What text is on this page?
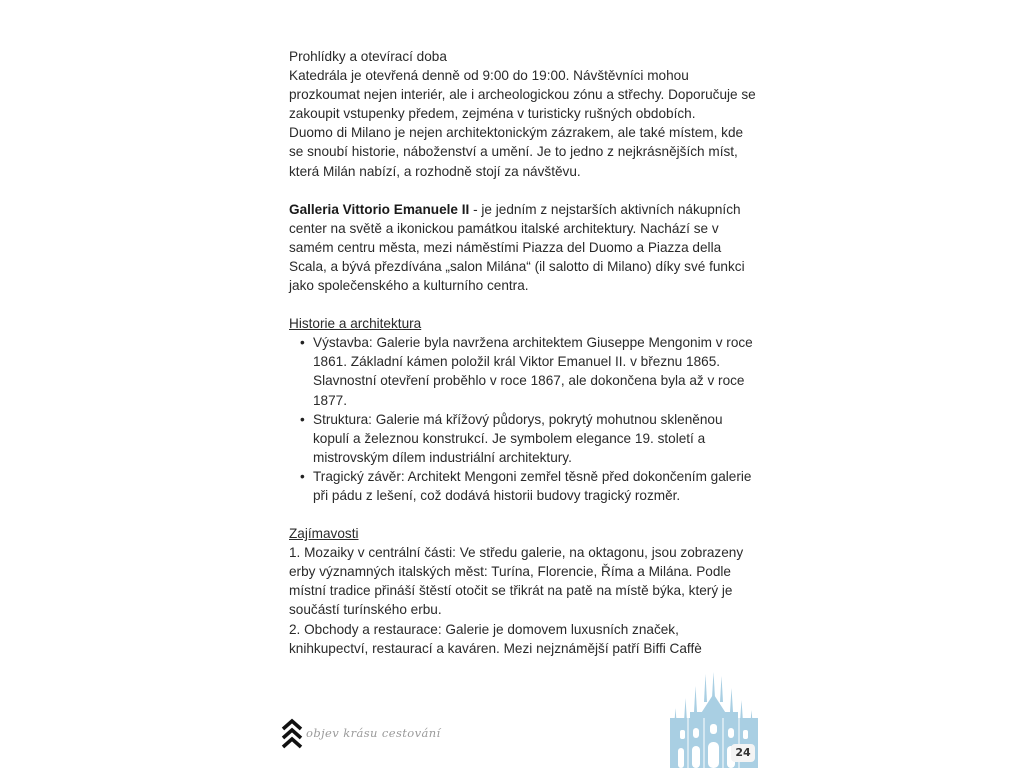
Prohlídky a otevírací doba

Katedrála je otevřená denně od 9:00 do 19:00. Návštěvníci mohou prozkoumat nejen interiér, ale i archeologickou zónu a střechy. Doporučuje se zakoupit vstupenky předem, zejména v turisticky rušných obdobích.

Duomo di Milano je nejen architektonickým zázrakem, ale také místem, kde se snoubí historie, náboženství a umění. Je to jedno z nejkrásnějších míst, která Milán nabízí, a rozhodně stojí za návštěvu.

Galleria Vittorio Emanuele II - je jedním z nejstarších aktivních nákupních center na světě a ikonickou památkou italské architektury. Nachází se v samém centru města, mezi náměstími Piazza del Duomo a Piazza della Scala, a bývá přezdívána „salon Milána“ (il salotto di Milano) díky své funkci jako společenského a kulturního centra.

Historie a architektura

• Výstavba: Galerie byla navržena architektem Giuseppe Mengonim v roce 1861. Základní kámen položil král Viktor Emanuel II. v březnu 1865. Slavnostní otevření proběhlo v roce 1867, ale dokončena byla až v roce 1877.
• Struktura: Galerie má křížový půdorys, pokrytý mohutnou skleněnou kopulí a železnou konstrukcí. Je symbolem elegance 19. století a mistrovským dílem industriální architektury.
• Tragický závěr: Architekt Mengoni zemřel těsně před dokončením galerie při pádu z lešení, což dodává historii budovy tragický rozměr.

Zajímavosti

1. Mozaiky v centrální části: Ve středu galerie, na oktagonu, jsou zobrazeny erby významných italských měst: Turína, Florencie, Říma a Milána. Podle místní tradice přináší štěstí otočit se třikrát na patě na místě býka, který je součástí turínského erbu.

2. Obchody a restaurace: Galerie je domovem luxusních značek, knihkupectví, restaurací a kaváren. Mezi nejznámější patří Biffi Caffè

objev krásu cestování
24
